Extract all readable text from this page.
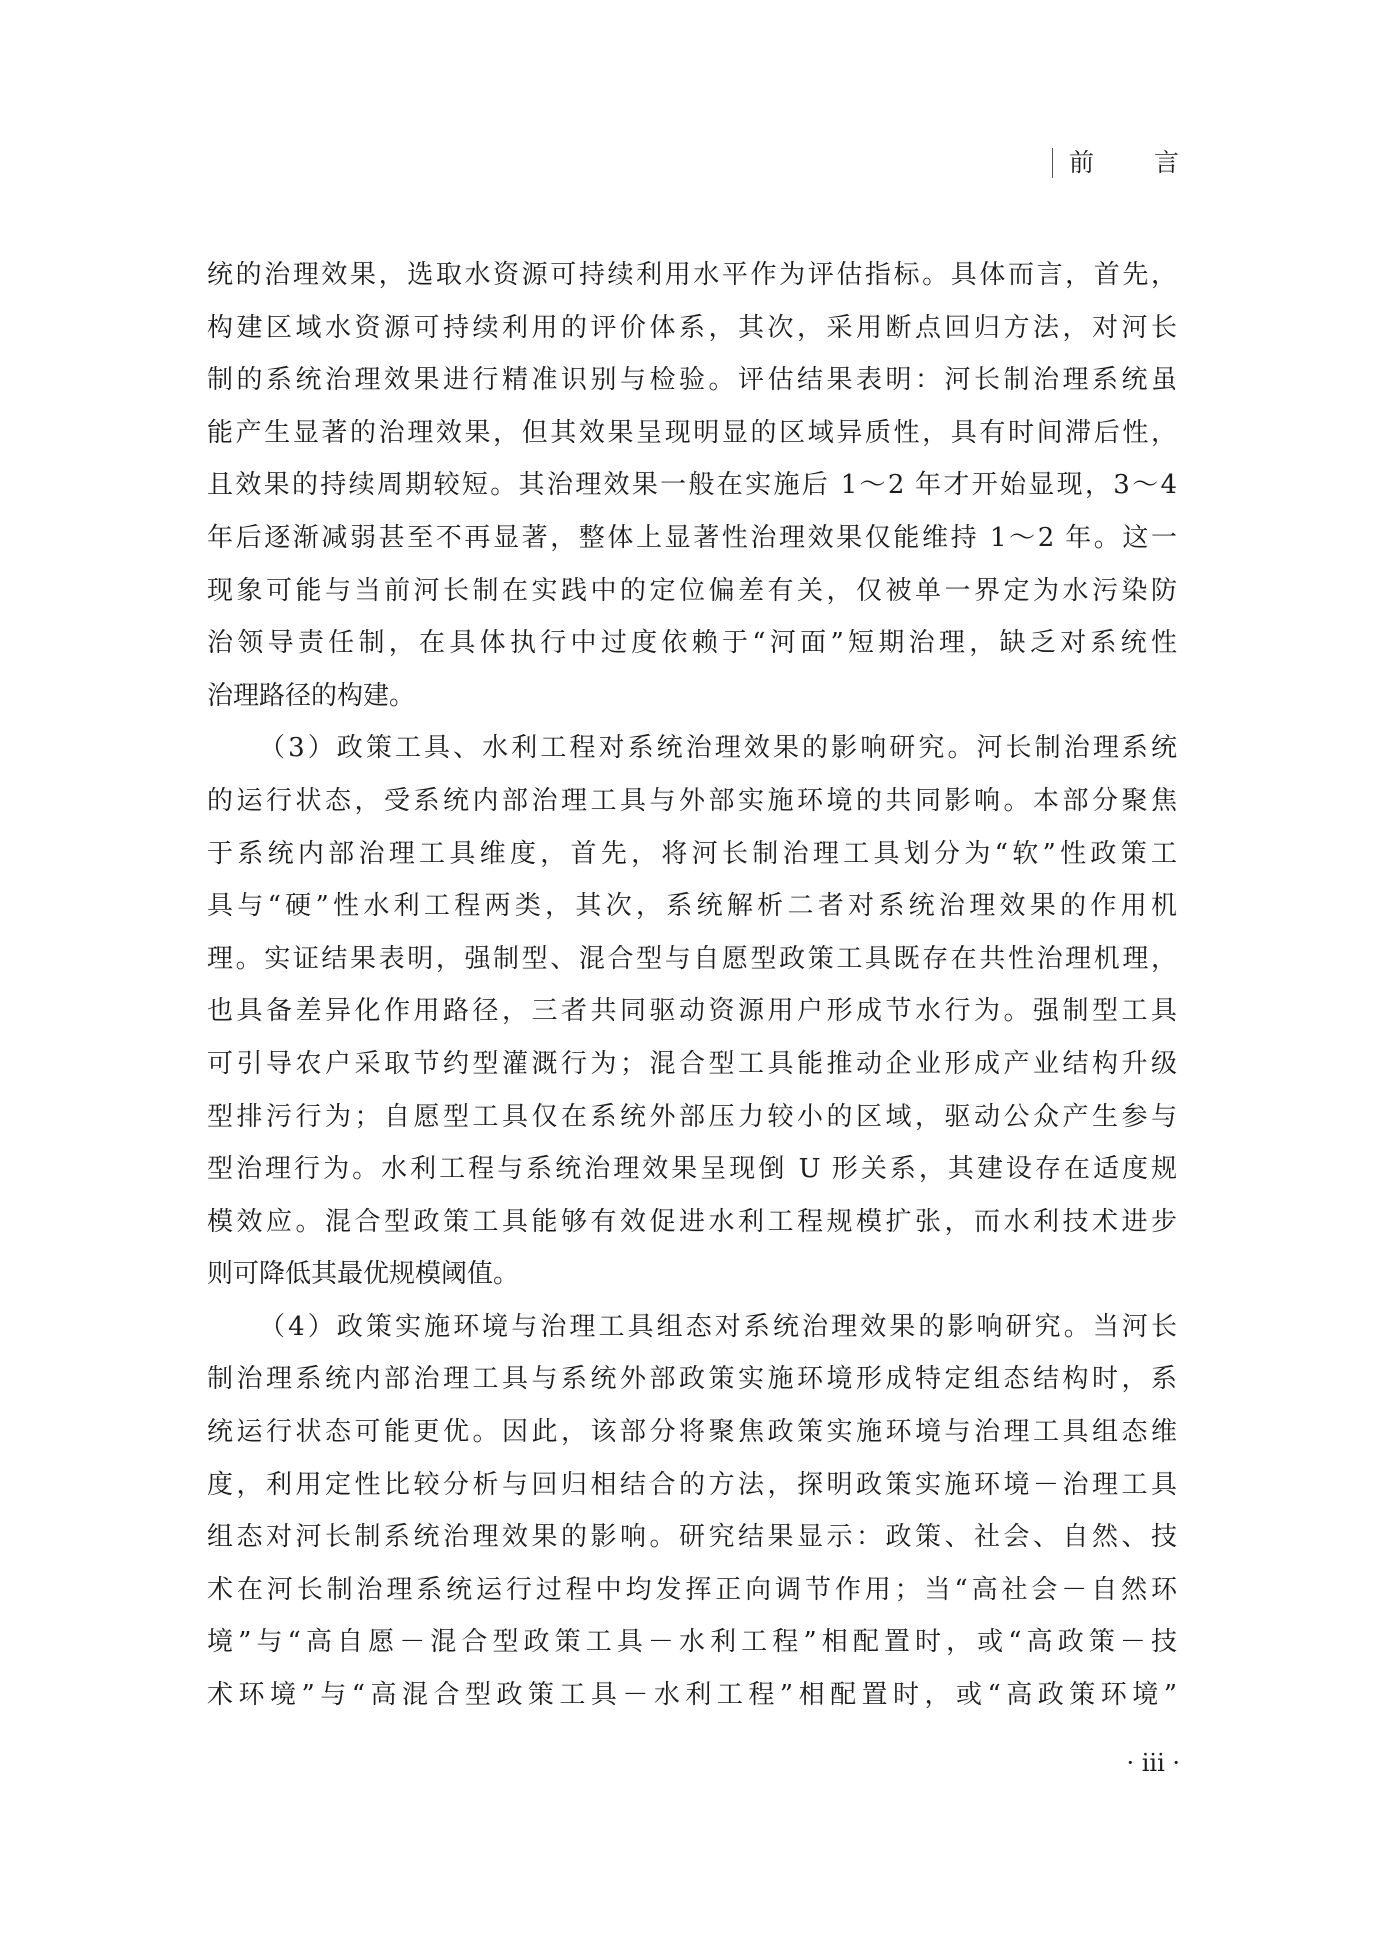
前　言
统的治理效果，选取水资源可持续利用水平作为评估指标。具体而言，首先，
构建区域水资源可持续利用的评价体系，其次，采用断点回归方法，对河长
制的系统治理效果进行精准识别与检验。评估结果表明：河长制治理系统虽
能产生显著的治理效果，但其效果呈现明显的区域异质性，具有时间滞后性，
且效果的持续周期较短。其治理效果一般在实施后 1～2 年才开始显现，3～4
年后逐渐减弱甚至不再显著，整体上显著性治理效果仅能维持 1～2 年。这一
现象可能与当前河长制在实践中的定位偏差有关，仅被单一界定为水污染防
治领导责任制，在具体执行中过度依赖于“河面”短期治理，缺乏对系统性
治理路径的构建。
（3）政策工具、水利工程对系统治理效果的影响研究。河长制治理系统
的运行状态，受系统内部治理工具与外部实施环境的共同影响。本部分聚焦
于系统内部治理工具维度，首先，将河长制治理工具划分为“软”性政策工
具与“硬”性水利工程两类，其次，系统解析二者对系统治理效果的作用机
理。实证结果表明，强制型、混合型与自愿型政策工具既存在共性治理机理，
也具备差异化作用路径，三者共同驱动资源用户形成节水行为。强制型工具
可引导农户采取节约型灌溉行为；混合型工具能推动企业形成产业结构升级
型排污行为；自愿型工具仅在系统外部压力较小的区域，驱动公众产生参与
型治理行为。水利工程与系统治理效果呈现倒 U 形关系，其建设存在适度规
模效应。混合型政策工具能够有效促进水利工程规模扩张，而水利技术进步
则可降低其最优规模阈值。
（4）政策实施环境与治理工具组态对系统治理效果的影响研究。当河长
制治理系统内部治理工具与系统外部政策实施环境形成特定组态结构时，系
统运行状态可能更优。因此，该部分将聚焦政策实施环境与治理工具组态维
度，利用定性比较分析与回归相结合的方法，探明政策实施环境－治理工具
组态对河长制系统治理效果的影响。研究结果显示：政策、社会、自然、技
术在河长制治理系统运行过程中均发挥正向调节作用；当“高社会－自然环
境”与“高自愿－混合型政策工具－水利工程”相配置时，或“高政策－技
术环境”与“高混合型政策工具－水利工程”相配置时，或“高政策环境”
· iii ·
